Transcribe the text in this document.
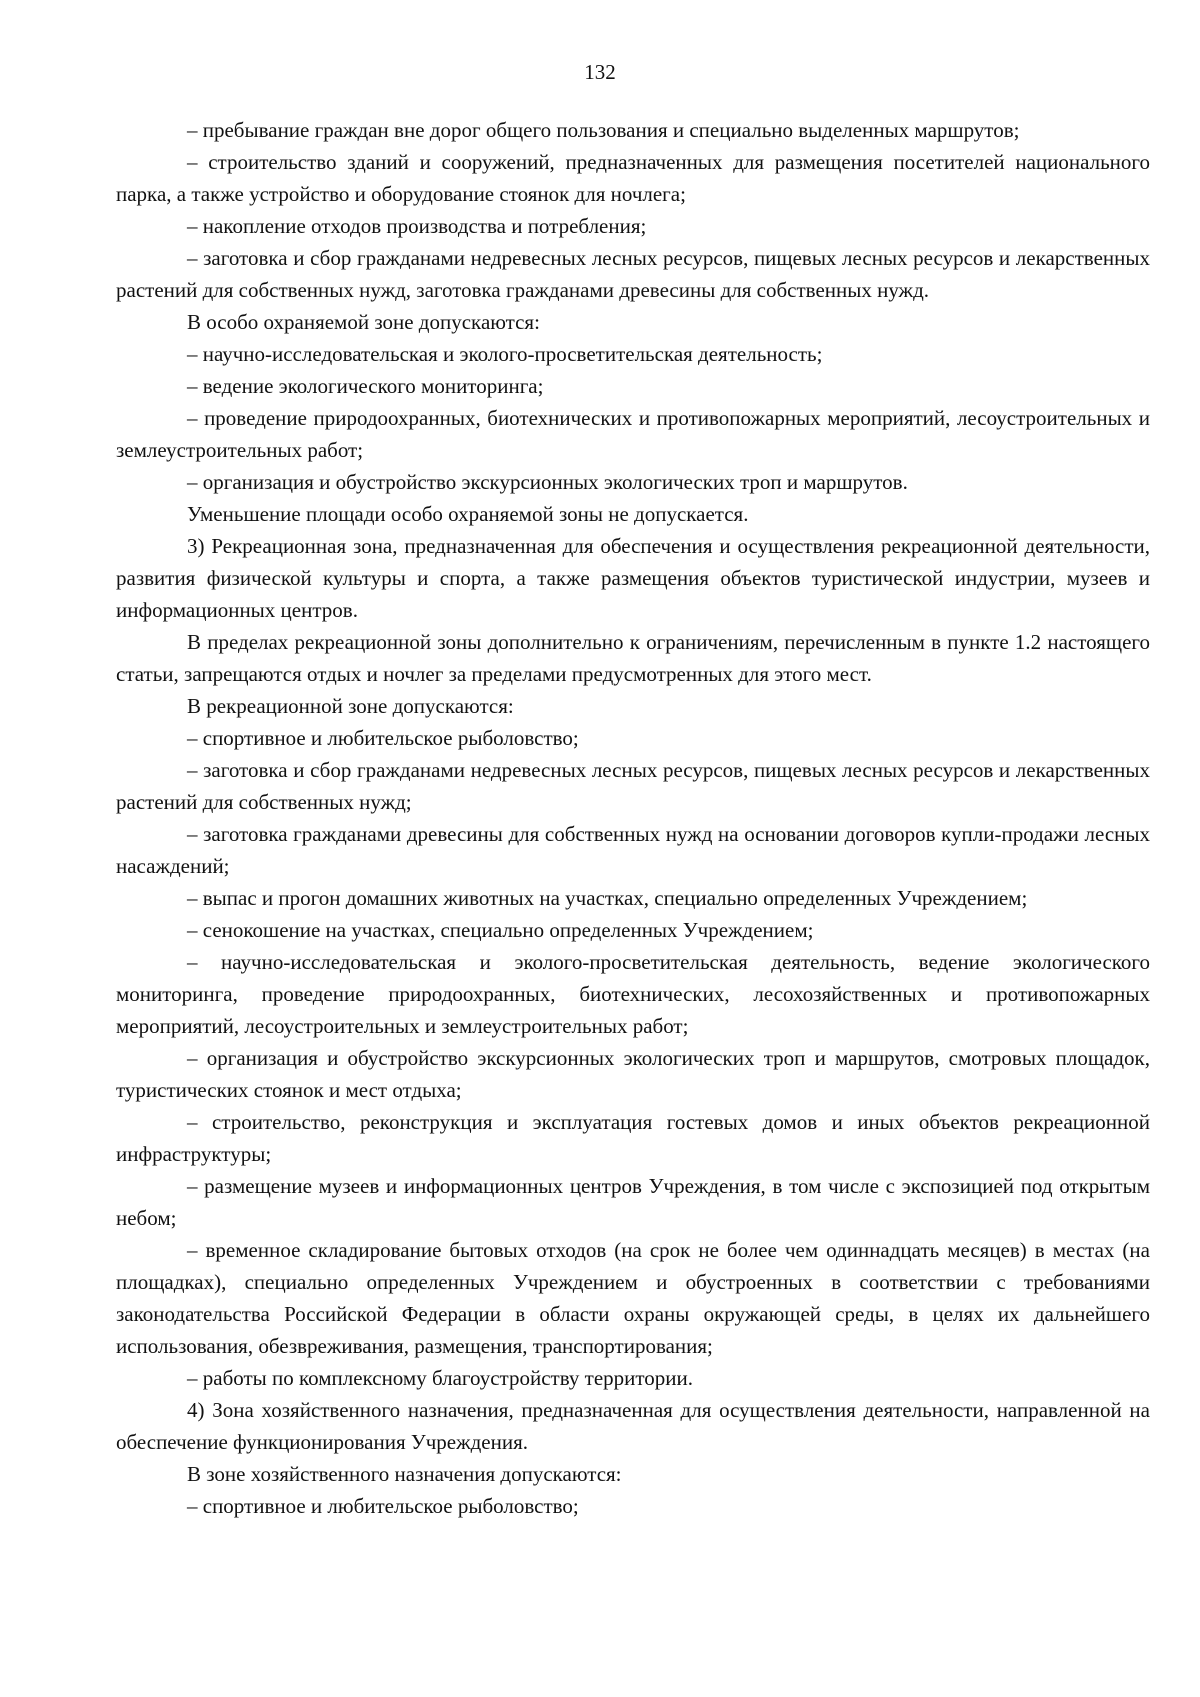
132

– пребывание граждан вне дорог общего пользования и специально выделенных маршрутов;

– строительство зданий и сооружений, предназначенных для размещения посетителей национального парка, а также устройство и оборудование стоянок для ночлега;

– накопление отходов производства и потребления;

– заготовка и сбор гражданами недревесных лесных ресурсов, пищевых лесных ресурсов и лекарственных растений для собственных нужд, заготовка гражданами древесины для собственных нужд.

В особо охраняемой зоне допускаются:

– научно-исследовательская и эколого-просветительская деятельность;

– ведение экологического мониторинга;

– проведение природоохранных, биотехнических и противопожарных мероприятий, лесоустроительных и землеустроительных работ;

– организация и обустройство экскурсионных экологических троп и маршрутов.

Уменьшение площади особо охраняемой зоны не допускается.

3) Рекреационная зона, предназначенная для обеспечения и осуществления рекреационной деятельности, развития физической культуры и спорта, а также размещения объектов туристической индустрии, музеев и информационных центров.

В пределах рекреационной зоны дополнительно к ограничениям, перечисленным в пункте 1.2 настоящего статьи, запрещаются отдых и ночлег за пределами предусмотренных для этого мест.

В рекреационной зоне допускаются:

– спортивное и любительское рыболовство;

– заготовка и сбор гражданами недревесных лесных ресурсов, пищевых лесных ресурсов и лекарственных растений для собственных нужд;

– заготовка гражданами древесины для собственных нужд на основании договоров купли-продажи лесных насаждений;

– выпас и прогон домашних животных на участках, специально определенных Учреждением;

– сенокошение на участках, специально определенных Учреждением;

– научно-исследовательская и эколого-просветительская деятельность, ведение экологического мониторинга, проведение природоохранных, биотехнических, лесохозяйственных и противопожарных мероприятий, лесоустроительных и землеустроительных работ;

– организация и обустройство экскурсионных экологических троп и маршрутов, смотровых площадок, туристических стоянок и мест отдыха;

– строительство, реконструкция и эксплуатация гостевых домов и иных объектов рекреационной инфраструктуры;

– размещение музеев и информационных центров Учреждения, в том числе с экспозицией под открытым небом;

– временное складирование бытовых отходов (на срок не более чем одиннадцать месяцев) в местах (на площадках), специально определенных Учреждением и обустроенных в соответствии с требованиями законодательства Российской Федерации в области охраны окружающей среды, в целях их дальнейшего использования, обезвреживания, размещения, транспортирования;

– работы по комплексному благоустройству территории.

4) Зона хозяйственного назначения, предназначенная для осуществления деятельности, направленной на обеспечение функционирования Учреждения.

В зоне хозяйственного назначения допускаются:

– спортивное и любительское рыболовство;
